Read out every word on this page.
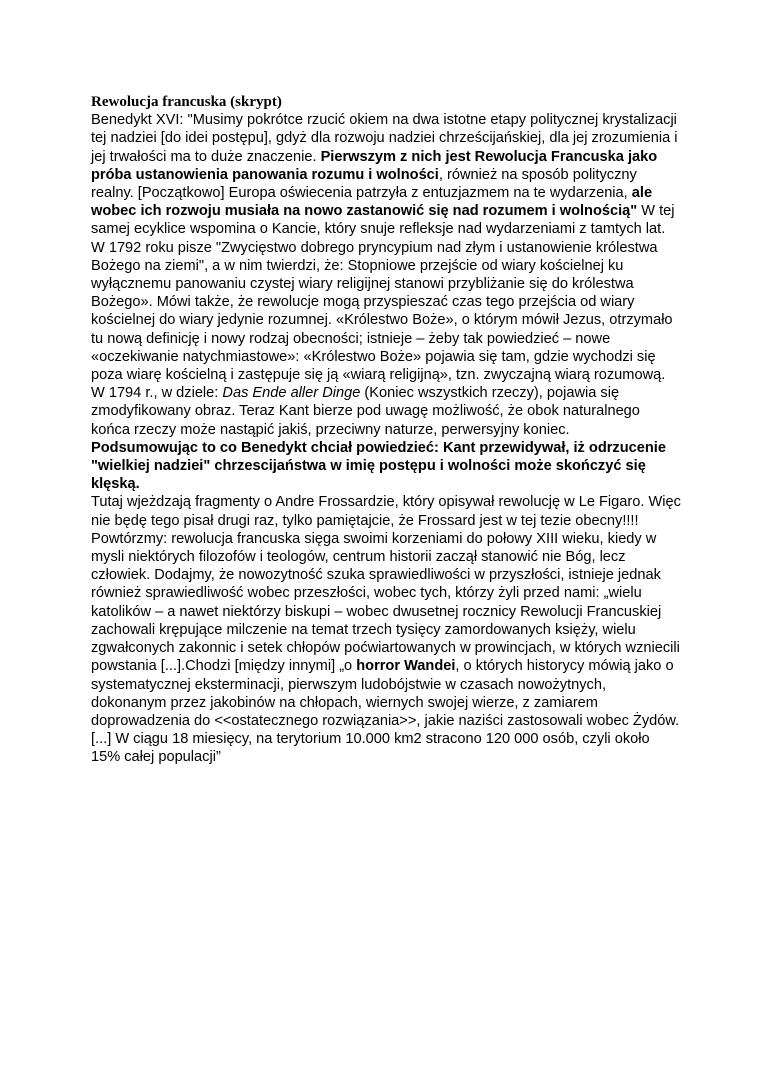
Rewolucja francuska (skrypt)

Benedykt XVI: "Musimy pokrótce rzucić okiem na dwa istotne etapy politycznej krystalizacji tej nadziei [do idei postępu], gdyż dla rozwoju nadziei chrześcijańskiej, dla jej zrozumienia i jej trwałości ma to duże znaczenie. Pierwszym z nich jest Rewolucja Francuska jako próba ustanowienia panowania rozumu i wolności, również na sposób polityczny realny. [Początkowo] Europa oświecenia patrzyła z entuzjazmem na te wydarzenia, ale wobec ich rozwoju musiała na nowo zastanowić się nad rozumem i wolnością" W tej samej ecyklice wspomina o Kancie, który snuje refleksje nad wydarzeniami z tamtych lat. W 1792 roku pisze "Zwycięstwo dobrego pryncypium nad złym i ustanowienie królestwa Bożego na ziemi", a w nim twierdzi, że: Stopniowe przejście od wiary kościelnej ku wyłącznemu panowaniu czystej wiary religijnej stanowi przybliżanie się do królestwa Bożego». Mówi także, że rewolucje mogą przyspieszać czas tego przejścia od wiary kościelnej do wiary jedynie rozumnej. «Królestwo Boże», o którym mówił Jezus, otrzymało tu nową definicję i nowy rodzaj obecności; istnieje – żeby tak powiedzieć – nowe «oczekiwanie natychmiastowe»: «Królestwo Boże» pojawia się tam, gdzie wychodzi się poza wiarę kościelną i zastępuje się ją «wiarą religijną», tzn. zwyczajną wiarą rozumową. W 1794 r., w dziele: Das Ende aller Dinge (Koniec wszystkich rzeczy), pojawia się zmodyfikowany obraz. Teraz Kant bierze pod uwagę możliwość, że obok naturalnego końca rzeczy może nastąpić jakiś, przeciwny naturze, perwersyjny koniec.

Podsumowując to co Benedykt chciał powiedzieć: Kant przewidywał, iż odrzucenie "wielkiej nadziei" chrzescijaństwa w imię postępu i wolności może skończyć się klęską.

Tutaj wjeżdzają fragmenty o Andre Frossardzie, który opisywał rewolucję w Le Figaro. Więc nie będę tego pisał drugi raz, tylko pamiętajcie, że Frossard jest w tej tezie obecny!!!!

Powtórzmy: rewolucja francuska sięga swoimi korzeniami do połowy XIII wieku, kiedy w mysli niektórych filozofów i teologów, centrum historii zaczął stanowić nie Bóg, lecz człowiek. Dodajmy, że nowozytność szuka sprawiedliwości w przyszłości, istnieje jednak również sprawiedliwość wobec przeszłości, wobec tych, którzy żyli przed nami: „wielu katolików – a nawet niektórzy biskupi – wobec dwusetnej rocznicy Rewolucji Francuskiej zachowali krępujące milczenie na temat trzech tysięcy zamordowanych księży, wielu zgwałconych zakonnic i setek chłopów poćwiartowanych w prowincjach, w których wzniecili powstania [...].Chodzi [między innymi] „o horror Wandei, o których historycy mówią jako o systematycznej eksterminacji, pierwszym ludobójstwie w czasach nowożytnych, dokonanym przez jakobinów na chłopach, wiernych swojej wierze, z zamiarem doprowadzenia do <<ostatecznego rozwiązania>>, jakie naziści zastosowali wobec Żydów. [...] W ciągu 18 miesięcy, na terytorium 10.000 km2 stracono 120 000 osób, czyli około 15% całej populacji”
